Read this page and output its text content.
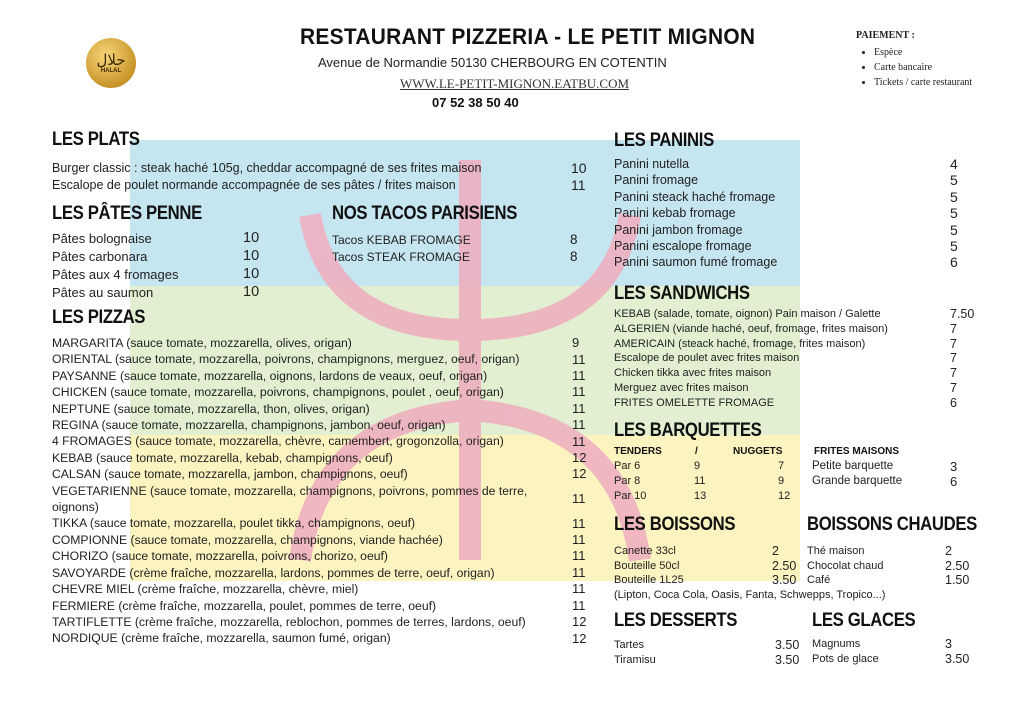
حلال
HALAL
RESTAURANT PIZZERIA - LE PETIT MIGNON
Avenue de Normandie 50130 CHERBOURG EN COTENTIN
WWW.LE-PETIT-MIGNON.EATBU.COM
07 52 38 50 40
PAIEMENT :
• Espèce
• Carte bancaire
• Tickets / carte restaurant
LES PLATS
Burger classic : steak haché 105g, cheddar accompagné de ses frites maison	10
Escalope de poulet normande accompagnée de ses pâtes / frites maison	11
LES PÂTES PENNE
Pâtes bolognaise	10
Pâtes carbonara	10
Pâtes aux 4 fromages	10
Pâtes au saumon	10
NOS TACOS PARISIENS
Tacos KEBAB FROMAGE	8
Tacos STEAK FROMAGE	8
LES PANINIS
Panini nutella	4
Panini fromage	5
Panini steack haché fromage	5
Panini kebab fromage	5
Panini jambon fromage	5
Panini escalope fromage	5
Panini saumon fumé fromage	6
LES SANDWICHS
KEBAB (salade, tomate, oignon) Pain maison / Galette	7.50
ALGERIEN (viande haché, oeuf, fromage, frites maison)	7
AMERICAIN (steack haché, fromage, frites maison)	7
Escalope de poulet avec frites maison	7
Chicken tikka avec frites maison	7
Merguez avec frites maison	7
FRITES OMELETTE FROMAGE	6
FRITES MAISONS
Petite barquette	3
Grande barquette	6
LES BOISSONS
Canette 33cl	2
Bouteille 50cl	2.50
Bouteille 1L25	3.50
BOISSONS CHAUDES
Thé maison	2
Chocolat chaud	2.50
Café	1.50
LES DESSERTS
Tartes	3.50
Tiramisu	3.50
LES GLACES
Magnums	3
Pots de glace	3.50
(Lipton, Coca Cola, Oasis, Fanta, Schwepps, Tropico...)
LES PIZZAS
MARGARITA (sauce tomate, mozzarella, olives, origan)	9
ORIENTAL (sauce tomate, mozzarella, poivrons, champignons, merguez, oeuf, origan)	11
PAYSANNE (sauce tomate, mozzarella, oignons, lardons de veaux, oeuf, origan)	11
CHICKEN (sauce tomate, mozzarella, poivrons, champignons, poulet , oeuf, origan)	11
NEPTUNE (sauce tomate, mozzarella, thon, olives, origan)	11
REGINA (sauce tomate, mozzarella, champignons, jambon, oeuf, origan)	11
4 FROMAGES (sauce tomate, mozzarella, chèvre, camembert, grogonzolla, origan)	11
KEBAB (sauce tomate, mozzarella, kebab, champignons, oeuf)	12
CALSAN (sauce tomate, mozzarella, jambon, champignons, oeuf)	12
VEGETARIENNE (sauce tomate, mozzarella, champignons, poivrons, pommes de terre, oignons)
11
TIKKA (sauce tomate, mozzarella, poulet tikka, champignons, oeuf)	11
COMPIONNE (sauce tomate, mozzarella, champignons, viande hachée)	11
CHORIZO (sauce tomate, mozzarella, poivrons, chorizo, oeuf)	11
SAVOYARDE (crème fraîche, mozzarella, lardons, pommes de terre, oeuf, origan)	11
CHEVRE MIEL (crème fraîche, mozzarella, chèvre, miel)	11
FERMIERE (crème fraîche, mozzarella, poulet, pommes de terre, oeuf)	11
TARTIFLETTE (crème fraîche, mozzarella, reblochon, pommes de terres, lardons, oeuf)	12
NORDIQUE (crème fraîche, mozzarella, saumon fumé, origan)	12
LES BARQUETTES
TENDERS	/	NUGGETS
Par 6	9	7
Par 8	11	9
Par 10	13	12
